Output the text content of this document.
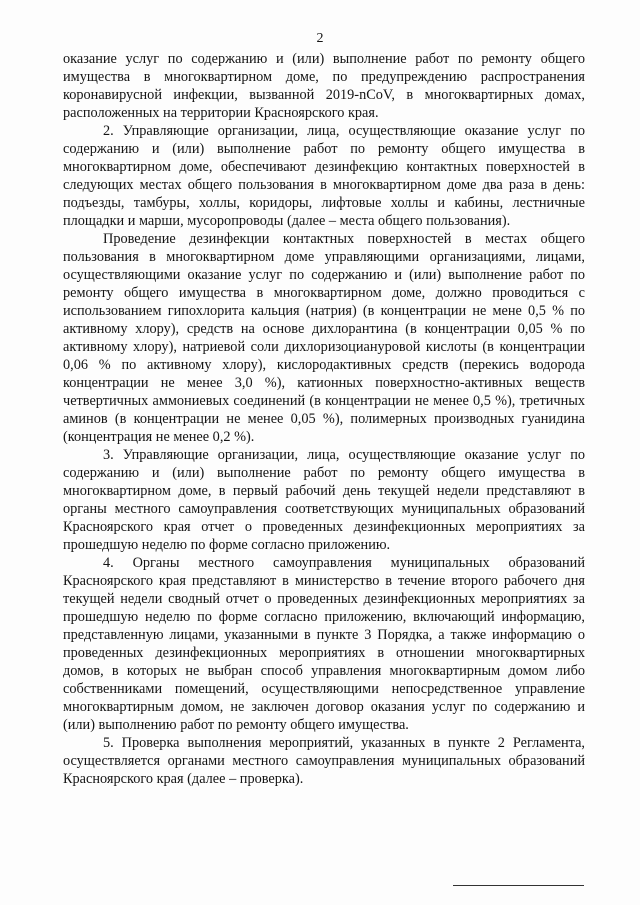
2

оказание услуг по содержанию и (или) выполнение работ по ремонту общего имущества в многоквартирном доме, по предупреждению распространения коронавирусной инфекции, вызванной 2019-nCoV, в многоквартирных домах, расположенных на территории Красноярского края.

2. Управляющие организации, лица, осуществляющие оказание услуг по содержанию и (или) выполнение работ по ремонту общего имущества в многоквартирном доме, обеспечивают дезинфекцию контактных поверхностей в следующих местах общего пользования в многоквартирном доме два раза в день: подъезды, тамбуры, холлы, коридоры, лифтовые холлы и кабины, лестничные площадки и марши, мусоропроводы (далее – места общего пользования).

Проведение дезинфекции контактных поверхностей в местах общего пользования в многоквартирном доме управляющими организациями, лицами, осуществляющими оказание услуг по содержанию и (или) выполнение работ по ремонту общего имущества в многоквартирном доме, должно проводиться с использованием гипохлорита кальция (натрия) (в концентрации не мене 0,5 % по активному хлору), средств на основе дихлорантина (в концентрации 0,05 % по активному хлору), натриевой соли дихлоризоциануровой кислоты (в концентрации 0,06 % по активному хлору), кислородактивных средств (перекись водорода концентрации не менее 3,0 %), катионных поверхностно-активных веществ четвертичных аммониевых соединений (в концентрации не менее 0,5 %), третичных аминов (в концентрации не менее 0,05 %), полимерных производных гуанидина (концентрация не менее 0,2 %).

3. Управляющие организации, лица, осуществляющие оказание услуг по содержанию и (или) выполнение работ по ремонту общего имущества в многоквартирном доме, в первый рабочий день текущей недели представляют в органы местного самоуправления соответствующих муниципальных образований Красноярского края отчет о проведенных дезинфекционных мероприятиях за прошедшую неделю по форме согласно приложению.

4. Органы местного самоуправления муниципальных образований Красноярского края представляют в министерство в течение второго рабочего дня текущей недели сводный отчет о проведенных дезинфекционных мероприятиях за прошедшую неделю по форме согласно приложению, включающий информацию, представленную лицами, указанными в пункте 3 Порядка, а также информацию о проведенных дезинфекционных мероприятиях в отношении многоквартирных домов, в которых не выбран способ управления многоквартирным домом либо собственниками помещений, осуществляющими непосредственное управление многоквартирным домом, не заключен договор оказания услуг по содержанию и (или) выполнению работ по ремонту общего имущества.

5. Проверка выполнения мероприятий, указанных в пункте 2 Регламента, осуществляется органами местного самоуправления муниципальных образований Красноярского края (далее – проверка).
